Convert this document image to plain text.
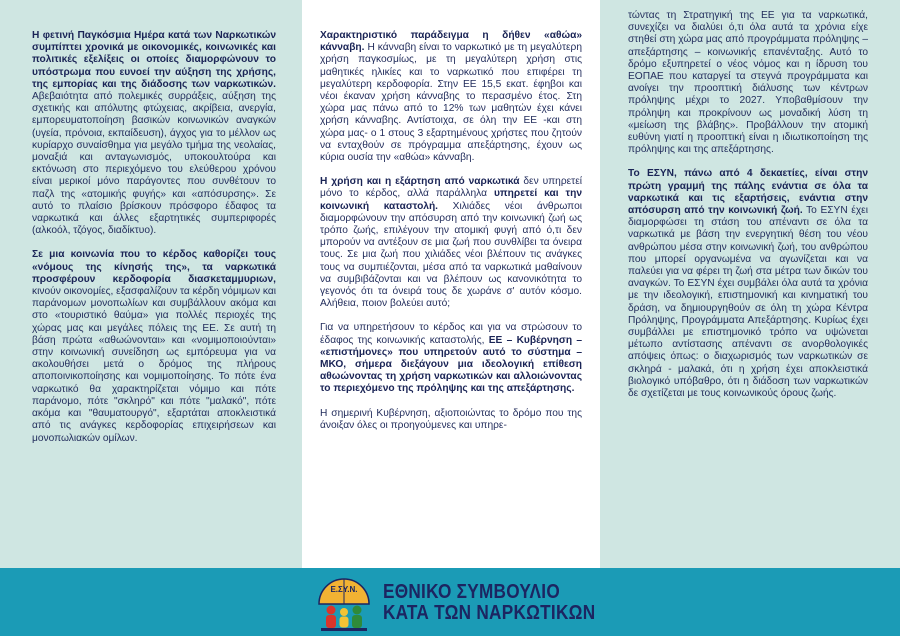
Η φετινή Παγκόσμια Ημέρα κατά των Ναρκωτικών συμπίπτει χρονικά με οικονομικές, κοινωνικές και πολιτικές εξελίξεις οι οποίες διαμορφώνουν το υπόστρωμα που ευνοεί την αύξηση της χρήσης, της εμπορίας και της διάδοσης των ναρκωτικών. Αβεβαιότητα από πολεμικές συρράξεις, αύξηση της σχετικής και απόλυτης φτώχειας, ακρίβεια, ανεργία, εμπορευματοποίηση βασικών κοινωνικών αναγκών (υγεία, πρόνοια, εκπαίδευση), άγχος για το μέλλον ως κυρίαρχο συναίσθημα για μεγάλο τμήμα της νεολαίας, μοναξιά και ανταγωνισμός, υποκουλτούρα και εκτόνωση στο περιεχόμενο του ελεύθερου χρόνου είναι μερικοί μόνο παράγοντες που συνθέτουν το παζλ της «ατομικής φυγής» και «απόσυρσης». Σε αυτό το πλαίσιο βρίσκουν πρόσφορο έδαφος τα ναρκωτικά και άλλες εξαρτητικές συμπεριφορές (αλκοόλ, τζόγος, διαδίκτυο).

Σε μια κοινωνία που το κέρδος καθορίζει τους «νόμους της κίνησής της», τα ναρκωτικά προσφέρουν κερδοφορία διασκεταμμυριων, κινούν οικονομίες, εξασφαλίζουν τα κέρδη νόμιμων και παράνομων μονοπωλίων και συμβάλλουν ακόμα και στο «τουριστικό θαύμα» για πολλές περιοχές της χώρας μας και μεγάλες πόλεις της ΕΕ. Σε αυτή τη βάση πρώτα «αθωώνονται» και «νομιμοποιούνται» στην κοινωνική συνείδηση ως εμπόρευμα για να ακολουθήσει μετά ο δρόμος της πλήρους αποποινικοποίησης και νομιμοποίησης. Το πότε ένα ναρκωτικό θα χαρακτηρίζεται νόμιμο και πότε παράνομο, πότε "σκληρό" και πότε "μαλακό", πότε ακόμα και "θαυματουργό", εξαρτάται αποκλειστικά από τις ανάγκες κερδοφορίας επιχειρήσεων και μονοπωλιακών ομίλων.

Χαρακτηριστικό παράδειγμα η δήθεν «αθώα» κάνναβη. Η κάνναβη είναι το ναρκωτικό με τη μεγαλύτερη χρήση παγκοσμίως, με τη μεγαλύτερη χρήση στις μαθητικές ηλικίες και το ναρκωτικό που επιφέρει τη μεγαλύτερη κερδοφορία. Στην ΕΕ 15,5 εκατ. έφηβοι και νέοι έκαναν χρήση κάνναβης το περασμένο έτος. Στη χώρα μας πάνω από το 12% των μαθητών έχει κάνει χρήση κάνναβης. Αντίστοιχα, σε όλη την ΕΕ -και στη χώρα μας- ο 1 στους 3 εξαρτημένους χρήστες που ζητούν να ενταχθούν σε πρόγραμμα απεξάρτησης, έχουν ως κύρια ουσία την «αθώα» κάνναβη.

Η χρήση και η εξάρτηση από ναρκωτικά δεν υπηρετεί μόνο το κέρδος, αλλά παράλληλα υπηρετεί και την κοινωνική καταστολή. Χιλιάδες νέοι άνθρωποι διαμορφώνουν την απόσυρση από την κοινωνική ζωή ως τρόπο ζωής, επιλέγουν την ατομική φυγή από ό,τι δεν μπορούν να αντέξουν σε μια ζωή που συνθλίβει τα όνειρα τους. Σε μια ζωή που χιλιάδες νέοι βλέπουν τις ανάγκες τους να συμπιέζονται, μέσα από τα ναρκωτικά μαθαίνουν να συμβιβάζονται και να βλέπουν ως κανονικότητα το γεγονός ότι τα όνειρά τους δε χωράνε σ' αυτόν κόσμο. Αλήθεια, ποιον βολεύει αυτό;

Για να υπηρετήσουν το κέρδος και για να στρώσουν το έδαφος της κοινωνικής καταστολής, ΕΕ – Κυβέρνηση – «επιστήμονες» που υπηρετούν αυτό το σύστημα – ΜΚΟ, σήμερα διεξάγουν μια ιδεολογική επίθεση αθωώνοντας τη χρήση ναρκωτικών και αλλοιώνοντας το περιεχόμενο της πρόληψης και της απεξάρτησης.

Η σημερινή Κυβέρνηση, αξιοποιώντας το δρόμο που της άνοιξαν όλες οι προηγούμενες και υπηρε-

τώντας τη Στρατηγική της ΕΕ για τα ναρκωτικά, συνεχίζει να διαλύει ό,τι όλα αυτά τα χρόνια είχε στηθεί στη χώρα μας από προγράμματα πρόληψης – απεξάρτησης – κοινωνικής επανένταξης. Αυτό το δρόμο εξυπηρετεί ο νέος νόμος και η ίδρυση του ΕΟΠΑΕ που καταργεί τα στεγνά προγράμματα και ανοίγει την προοπτική διάλυσης των κέντρων πρόληψης μέχρι το 2027. Υποβαθμίσουν την πρόληψη και προκρίνουν ως μοναδική λύση τη «μείωση της βλάβης». Προβάλλουν την ατομική ευθύνη γιατί η προοπτική είναι η ιδιωτικοποίηση της πρόληψης και της απεξάρτησης.

Το ΕΣΥΝ, πάνω από 4 δεκαετίες, είναι στην πρώτη γραμμή της πάλης ενάντια σε όλα τα ναρκωτικά και τις εξαρτήσεις, ενάντια στην απόσυρση από την κοινωνική ζωή. Το ΕΣΥΝ έχει διαμορφώσει τη στάση του απέναντι σε όλα τα ναρκωτικά με βάση την ενεργητική θέση του νέου ανθρώπου μέσα στην κοινωνική ζωή, του ανθρώπου που μπορεί οργανωμένα να αγωνίζεται και να παλεύει για να φέρει τη ζωή στα μέτρα των δικών του αναγκών. Το ΕΣΥΝ έχει συμβάλει όλα αυτά τα χρόνια με την ιδεολογική, επιστημονική και κινηματική του δράση, να δημιουργηθούν σε όλη τη χώρα Κέντρα Πρόληψης, Προγράμματα Απεξάρτησης. Κυρίως έχει συμβάλλει με επιστημονικό τρόπο να υψώνεται μέτωπο αντίστασης απέναντι σε ανορθολογικές απόψεις όπως: ο διαχωρισμός των ναρκωτικών σε σκληρά - μαλακά, ότι η χρήση έχει αποκλειστικά βιολογικό υπόβαθρο, ότι η διάδοση των ναρκωτικών δε σχετίζεται με τους κοινωνικούς όρους ζωής.

Ε.ΣΥ.Ν. ΕΘΝΙΚΟ ΣΥΜΒΟΥΛΙΟ
ΚΑΤΑ ΤΩΝ ΝΑΡΚΩΤΙΚΩΝ
